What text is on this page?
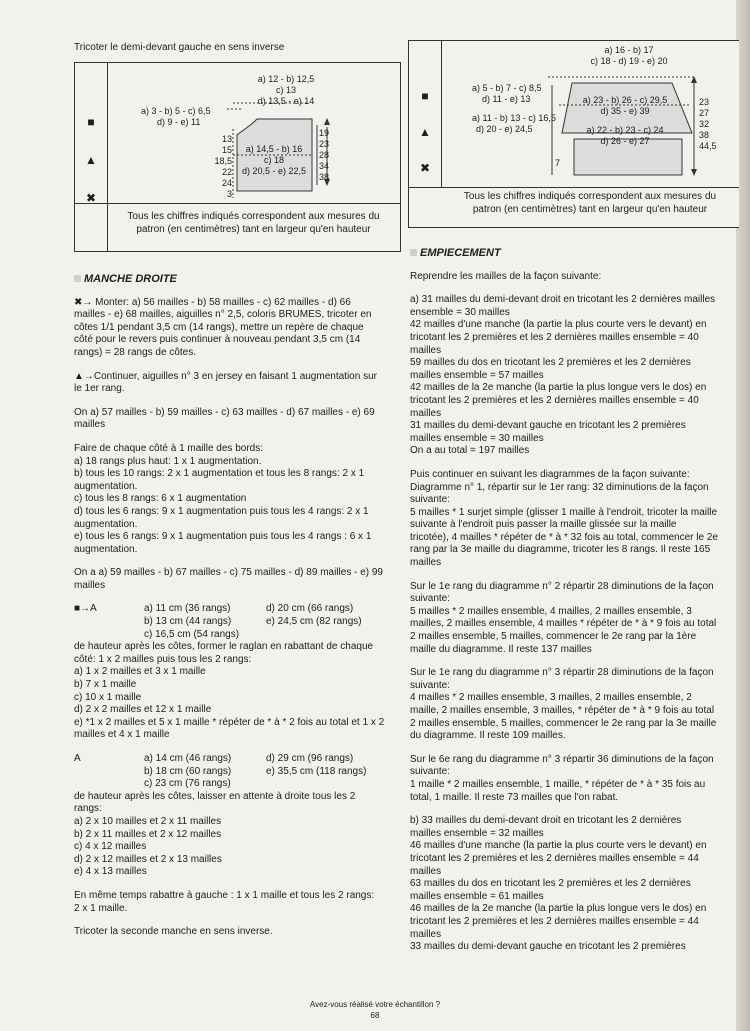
Tricoter le demi-devant gauche en sens inverse
■
▲
✖
a) 12 - b) 12,5
c) 13
d) 13,5 - e) 14
a) 3 - b) 5 - c) 6,5
d) 9 - e) 11
13
15
18,5
22
24
3
a) 14,5 - b) 16
c) 18
d) 20,5 - e) 22,5
19
23
28
34
38
Tous les chiffres indiqués correspondent aux mesures du
patron (en centimètres) tant en largeur qu'en hauteur
■
▲
✖
a) 16 - b) 17
c) 18 - d) 19 - e) 20
a) 5 - b) 7 - c) 8,5
d) 11 - e) 13
a) 11 - b) 13 - c) 16,5
d) 20 - e) 24,5
a) 23 - b) 26 - c) 29,5
d) 35 - e) 39
a) 22 - b) 23 - c) 24
d) 26 - e) 27
23
27
32
38
44,5
7
Tous les chiffres indiqués correspondent aux mesures du
patron (en centimètres) tant en largeur qu'en hauteur
MANCHE DROITE
✖→ Monter: a) 56 mailles - b) 58 mailles - c) 62 mailles - d) 66
mailles - e) 68 mailles, aiguilles n° 2,5, coloris BRUMES, tricoter en
côtes 1/1 pendant 3,5 cm (14 rangs), mettre un repère de chaque
côté pour le revers puis continuer à nouveau pendant 3,5 cm (14
rangs) = 28 rangs de côtes.
▲→Continuer, aiguilles n° 3 en jersey en faisant 1 augmentation sur
le 1er rang.
On a) 57 mailles - b) 59 mailles - c) 63 mailles - d) 67 mailles - e) 69
mailles
Faire de chaque côté à 1 maille des bords:
a) 18 rangs plus haut: 1 x 1 augmentation.
b) tous les 10 rangs: 2 x 1 augmentation et tous les 8 rangs: 2 x 1
augmentation.
c) tous les 8 rangs: 6 x 1 augmentation
d) tous les 6 rangs: 9 x 1 augmentation puis tous les 4 rangs: 2 x 1
augmentation.
e) tous les 6 rangs: 9 x 1 augmentation puis tous les 4 rangs : 6 x 1
augmentation.
On a a) 59 mailles - b) 67 mailles - c) 75 mailles - d) 89 mailles - e) 99
mailles
■→A	a) 11 cm (36 rangs)
b) 13 cm (44 rangs)
c) 16,5 cm (54 rangs)
d) 20 cm (66 rangs)
e) 24,5 cm (82 rangs)
de hauteur après les côtes, former le raglan en rabattant de chaque
côté: 1 x 2 mailles puis tous les 2 rangs:
a) 1 x 2 mailles et 3 x 1 maille
b) 7 x 1 maille
c) 10 x 1 maille
d) 2 x 2 mailles et 12 x 1 maille
e) *1 x 2 mailles et 5 x 1 maille * répéter de * à * 2 fois au total et 1 x 2
mailles et 4 x 1 maille
A	a) 14 cm (46 rangs)
b) 18 cm (60 rangs)
c) 23 cm (76 rangs)
d) 29 cm (96 rangs)
e) 35,5 cm (118 rangs)
de hauteur après les côtes, laisser en attente à droite tous les 2
rangs:
a) 2 x 10 mailles et 2 x 11 mailles
b) 2 x 11 mailles et 2 x 12 mailles
c) 4 x 12 mailles
d) 2 x 12 mailles et 2 x 13 mailles
e) 4 x 13 mailles
En même temps rabattre à gauche : 1 x 1 maille et tous les 2 rangs:
2 x 1 maille.
Tricoter la seconde manche en sens inverse.
EMPIECEMENT
Reprendre les mailles de la façon suivante:
a) 31 mailles du demi-devant droit en tricotant les 2 dernières mailles
ensemble = 30 mailles
42 mailles d'une manche (la partie la plus courte vers le devant) en
tricotant les 2 premières et les 2 dernières mailles ensemble = 40
mailles
59 mailles du dos en tricotant les 2 premières et les 2 dernières
mailles ensemble = 57 mailles
42 mailles de la 2e manche (la partie la plus longue vers le dos) en
tricotant les 2 premières et les 2 dernières mailles ensemble = 40
mailles
31 mailles du demi-devant gauche en tricotant les 2 premières
mailles ensemble = 30 mailles
On a au total = 197 mailles
Puis continuer en suivant les diagrammes de la façon suivante:
Diagramme n° 1, répartir sur le 1er rang: 32 diminutions de la façon
suivante:
5 mailles * 1 surjet simple (glisser 1 maille à l'endroit, tricoter la maille
suivante à l'endroit puis passer la maille glissée sur la maille
tricotée), 4 mailles * répéter de * à * 32 fois au total, commencer le 2e
rang par la 3e maille du diagramme, tricoter les 8 rangs. Il reste 165
mailles
Sur le 1e rang du diagramme n° 2 répartir 28 diminutions de la façon
suivante:
5 mailles * 2 mailles ensemble, 4 mailles, 2 mailles ensemble, 3
mailles, 2 mailles ensemble, 4 mailles * répéter de * à * 9 fois au total
2 mailles ensemble, 5 mailles, commencer le 2e rang par la 1ère
maille du diagramme. Il reste 137 mailles
Sur le 1e rang du diagramme n° 3 répartir 28 diminutions de la façon
suivante:
4 mailles * 2 mailles ensemble, 3 mailles, 2 mailles ensemble, 2
maille, 2 mailles ensemble, 3 mailles, * répéter de * à * 9 fois au total
2 mailles ensemble, 5 mailles, commencer le 2e rang par la 3e maille
du diagramme. Il reste 109 mailles.
Sur le 6e rang du diagramme n° 3 répartir 36 diminutions de la façon
suivante:
1 maille * 2 mailles ensemble, 1 maille, * répéter de * à * 35 fois au
total, 1 maille. Il reste 73 mailles que l'on rabat.
b) 33 mailles du demi-devant droit en tricotant les 2 dernières
mailles ensemble = 32 mailles
46 mailles d'une manche (la partie la plus courte vers le devant) en
tricotant les 2 premières et les 2 dernières mailles ensemble = 44
mailles
63 mailles du dos en tricotant les 2 premières et les 2 dernières
mailles ensemble = 61 mailles
46 mailles de la 2e manche (la partie la plus longue vers le dos) en
tricotant les 2 premières et les 2 dernières mailles ensemble = 44
mailles
33 mailles du demi-devant gauche en tricotant les 2 premières
Avez-vous réalisé votre échantillon ?
68
